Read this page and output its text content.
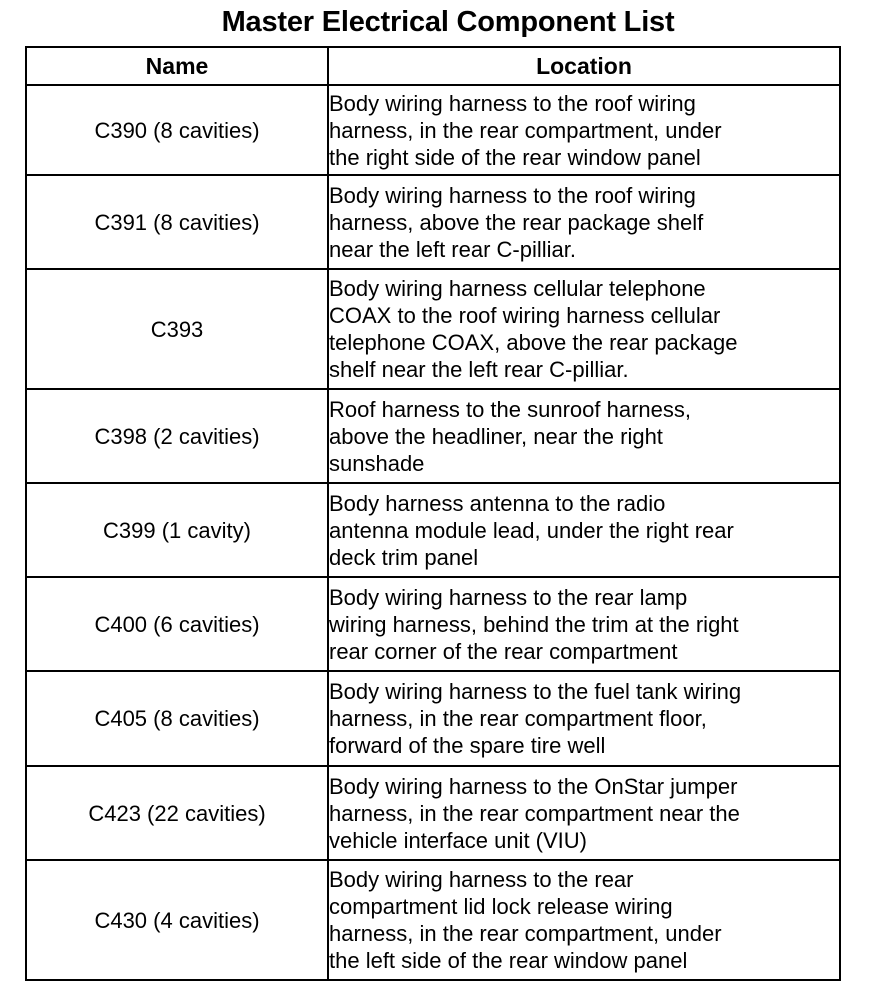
Master Electrical Component List
Name	Location
C390 (8 cavities)	Body wiring harness to the roof wiring
harness, in the rear compartment, under
the right side of the rear window panel

C391 (8 cavities)	Body wiring harness to the roof wiring
harness, above the rear package shelf
near the left rear C-pilliar.

C393	Body wiring harness cellular telephone
COAX to the roof wiring harness cellular
telephone COAX, above the rear package
shelf near the left rear C-pilliar.

C398 (2 cavities)	Roof harness to the sunroof harness,
above the headliner, near the right
sunshade

C399 (1 cavity)	Body harness antenna to the radio
antenna module lead, under the right rear
deck trim panel

C400 (6 cavities)	Body wiring harness to the rear lamp
wiring harness, behind the trim at the right
rear corner of the rear compartment

C405 (8 cavities)	Body wiring harness to the fuel tank wiring
harness, in the rear compartment floor,
forward of the spare tire well

C423 (22 cavities)	Body wiring harness to the OnStar jumper
harness, in the rear compartment near the
vehicle interface unit (VIU)

C430 (4 cavities)	Body wiring harness to the rear
compartment lid lock release wiring
harness, in the rear compartment, under
the left side of the rear window panel
